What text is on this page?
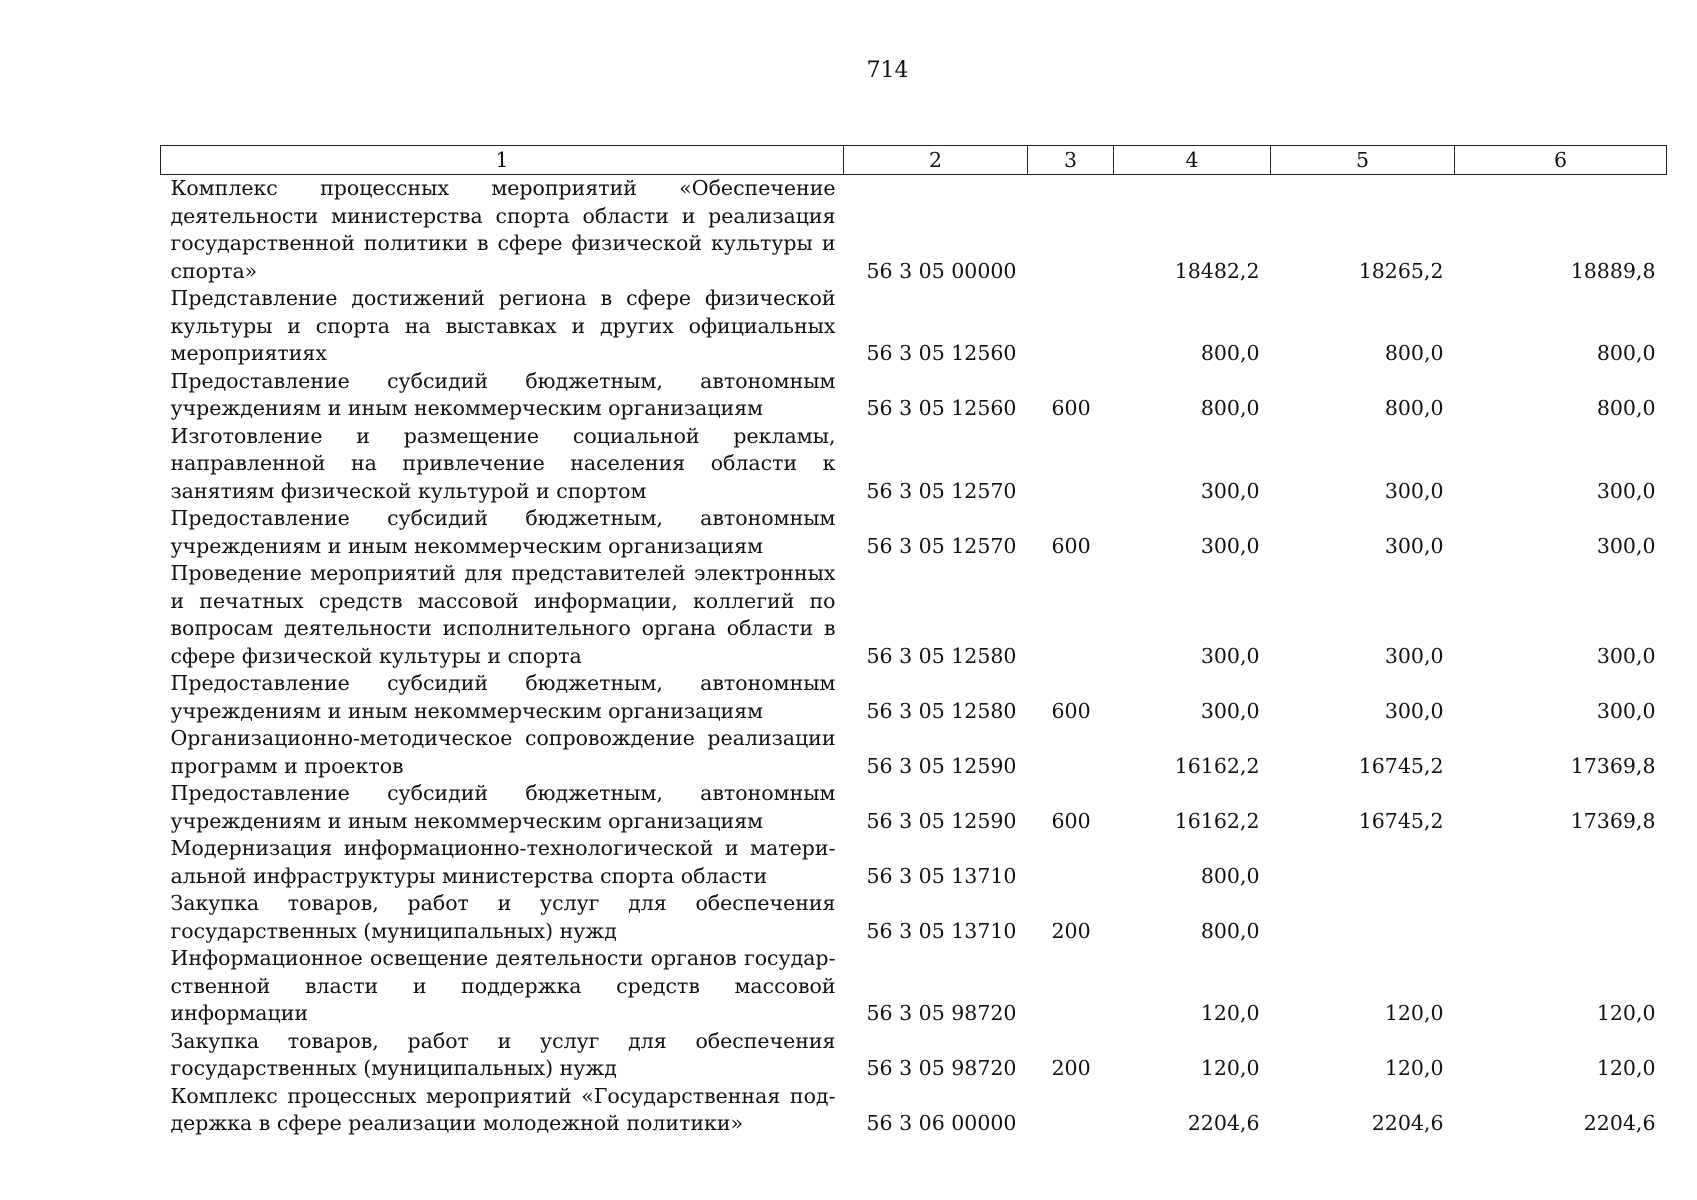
714
1	2	3	4	5	6
Комплекс процессных мероприятий «Обеспечение деятельности министерства спорта области и реализация государственной политики в сфере физической культуры и спорта»	56 3 05 00000		18482,2	18265,2	18889,8
Представление достижений региона в сфере физической культуры и спорта на выставках и других официальных мероприятиях	56 3 05 12560		800,0	800,0	800,0
Предоставление субсидий бюджетным, автономным учреждениям и иным некоммерческим организациям	56 3 05 12560	600	800,0	800,0	800,0
Изготовление и размещение социальной рекламы, направленной на привлечение населения области к занятиям физической культурой и спортом	56 3 05 12570		300,0	300,0	300,0
Предоставление субсидий бюджетным, автономным учреждениям и иным некоммерческим организациям	56 3 05 12570	600	300,0	300,0	300,0
Проведение мероприятий для представителей электронных и печатных средств массовой информации, коллегий по вопросам деятельности исполнительного органа области в сфере физической культуры и спорта	56 3 05 12580		300,0	300,0	300,0
Предоставление субсидий бюджетным, автономным учреждениям и иным некоммерческим организациям	56 3 05 12580	600	300,0	300,0	300,0
Организационно-методическое сопровождение реализации программ и проектов	56 3 05 12590		16162,2	16745,2	17369,8
Предоставление субсидий бюджетным, автономным учреждениям и иным некоммерческим организациям	56 3 05 12590	600	16162,2	16745,2	17369,8
Модернизация информационно-технологической и материальной инфраструктуры министерства спорта области	56 3 05 13710		800,0		
Закупка товаров, работ и услуг для обеспечения государственных (муниципальных) нужд	56 3 05 13710	200	800,0		
Информационное освещение деятельности органов государственной власти и поддержка средств массовой информации	56 3 05 98720		120,0	120,0	120,0
Закупка товаров, работ и услуг для обеспечения государственных (муниципальных) нужд	56 3 05 98720	200	120,0	120,0	120,0
Комплекс процессных мероприятий «Государственная поддержка в сфере реализации молодежной политики»	56 3 06 00000		2204,6	2204,6	2204,6
